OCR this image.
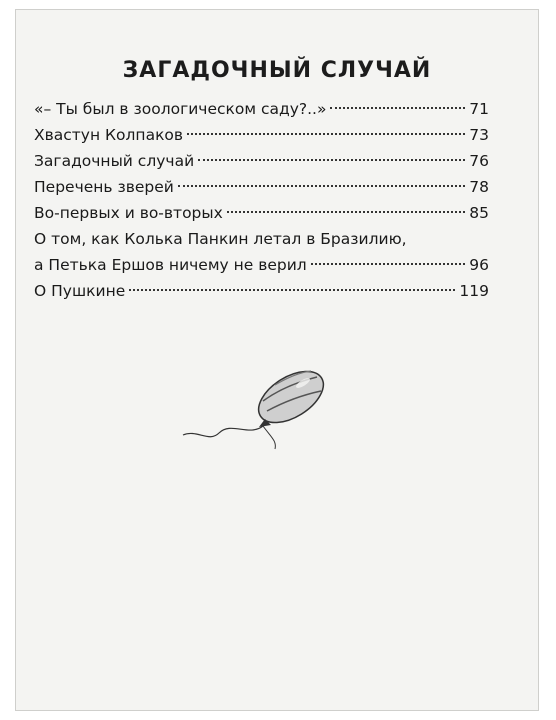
ЗАГАДОЧНЫЙ СЛУЧАЙ
«– Ты был в зоологическом саду?..»	71
Хвастун Колпаков	73
Загадочный случай	76
Перечень зверей	78
Во-первых и во-вторых	85
О том, как Колька Панкин летал в Бразилию,
а Петька Ершов ничему не верил	96
О Пушкине	119
